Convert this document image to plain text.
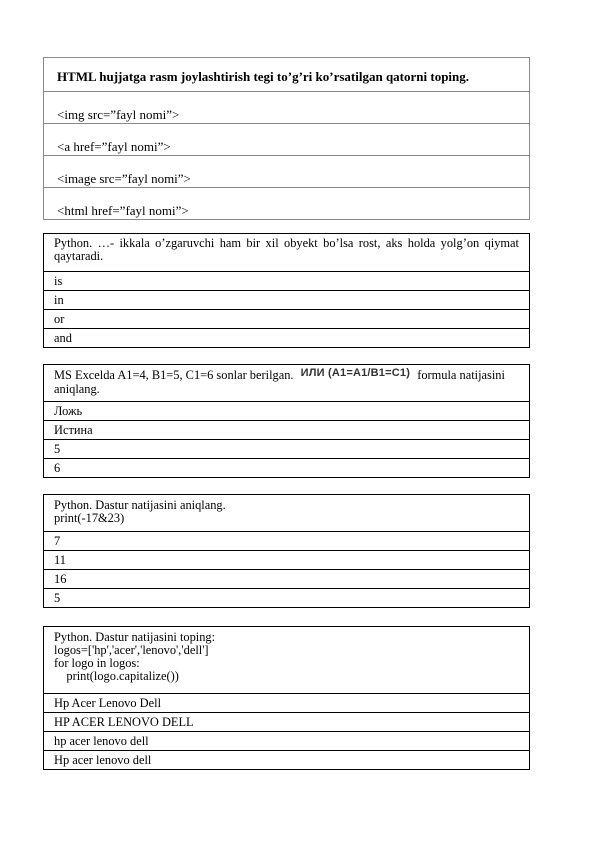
HTML hujjatga rasm joylashtirish tegi to’g’ri ko’rsatilgan qatorni toping.
<img src=”fayl nomi”>
<a href=”fayl nomi”>
<image src=”fayl nomi”>
<html href=”fayl nomi”>
Python. …- ikkala o’zgaruvchi ham bir xil obyekt bo’lsa rost, aks holda yolg’on qiymat qaytaradi.
is
in
or
and
MS Excelda A1=4, B1=5, C1=6 sonlar berilgan. ИЛИ (A1=A1/B1=C1) formula natijasini aniqlang.
Ложь
Истина
5
6
Python. Dastur natijasini aniqlang.
print(-17&23)

7
11
16
5
Python. Dastur natijasini toping:
logos=['hp','acer','lenovo','dell']
for logo in logos:
print(logo.capitalize())

Hp Acer Lenovo Dell
HP ACER LENOVO DELL
hp acer lenovo dell
Hp acer lenovo dell
